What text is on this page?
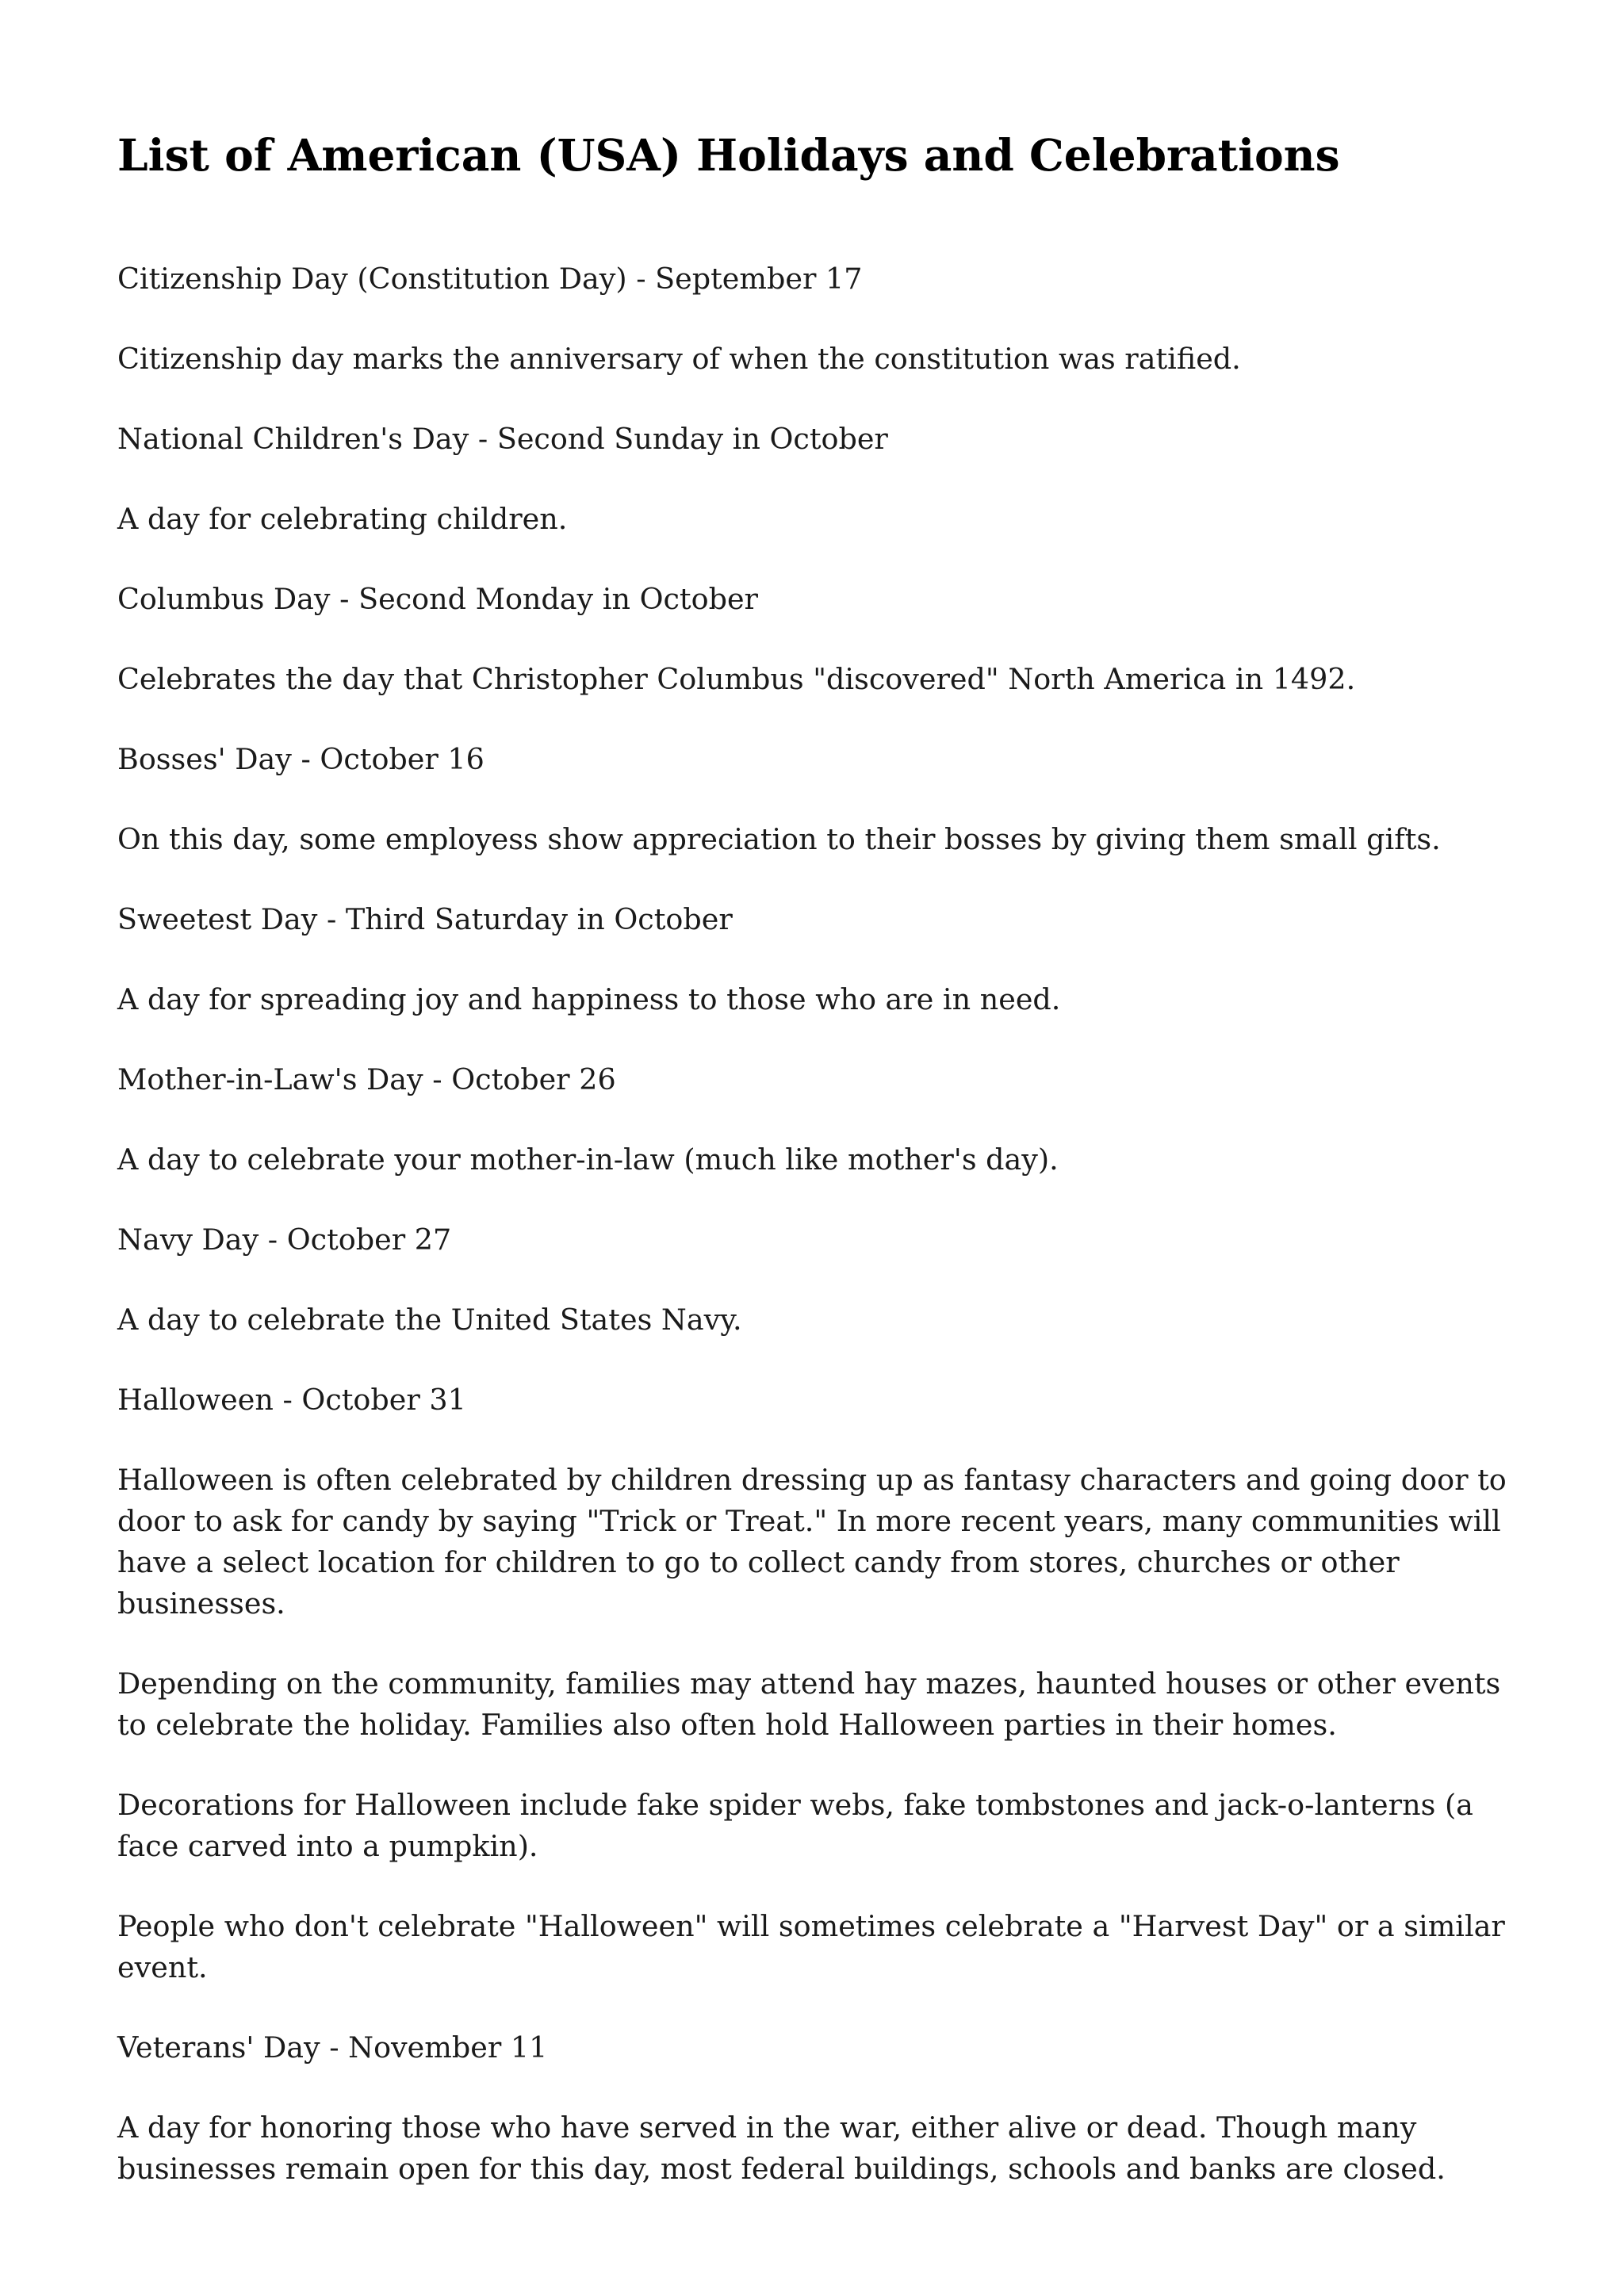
List of American (USA) Holidays and Celebrations

Citizenship Day (Constitution Day) - September 17

Citizenship day marks the anniversary of when the constitution was ratified.

National Children's Day - Second Sunday in October

A day for celebrating children.

Columbus Day - Second Monday in October

Celebrates the day that Christopher Columbus "discovered" North America in 1492.

Bosses' Day - October 16

On this day, some employess show appreciation to their bosses by giving them small gifts.

Sweetest Day - Third Saturday in October

A day for spreading joy and happiness to those who are in need.

Mother-in-Law's Day - October 26

A day to celebrate your mother-in-law (much like mother's day).

Navy Day - October 27

A day to celebrate the United States Navy.

Halloween - October 31

Halloween is often celebrated by children dressing up as fantasy characters and going door to door to ask for candy by saying "Trick or Treat." In more recent years, many communities will have a select location for children to go to collect candy from stores, churches or other businesses.

Depending on the community, families may attend hay mazes, haunted houses or other events to celebrate the holiday. Families also often hold Halloween parties in their homes.

Decorations for Halloween include fake spider webs, fake tombstones and jack-o-lanterns (a face carved into a pumpkin).

People who don't celebrate "Halloween" will sometimes celebrate a "Harvest Day" or a similar event.

Veterans' Day - November 11

A day for honoring those who have served in the war, either alive or dead. Though many businesses remain open for this day, most federal buildings, schools and banks are closed.
